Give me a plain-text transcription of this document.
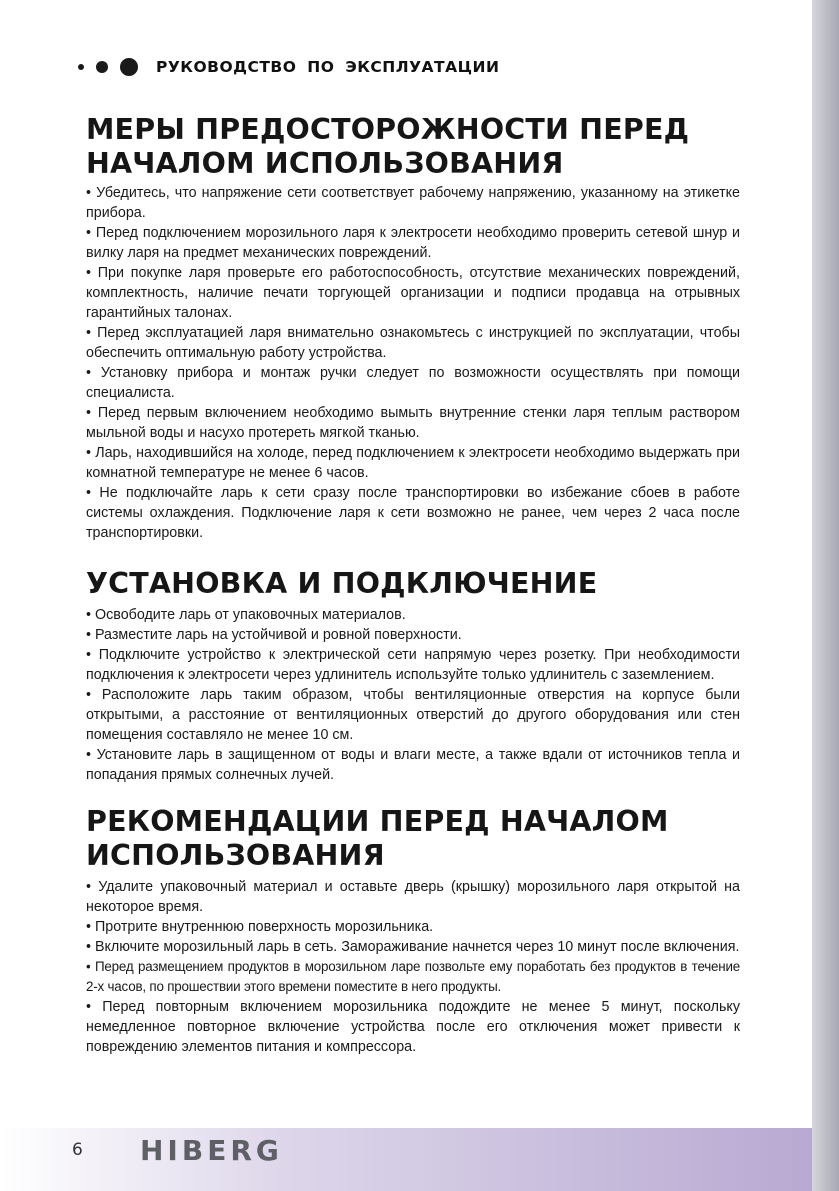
РУКОВОДСТВО ПО ЭКСПЛУАТАЦИИ
МЕРЫ ПРЕДОСТОРОЖНОСТИ ПЕРЕД
НАЧАЛОМ ИСПОЛЬЗОВАНИЯ
• Убедитесь, что напряжение сети соответствует рабочему напряжению, указанному на этикетке прибора.
• Перед подключением морозильного ларя к электросети необходимо проверить сетевой шнур и вилку ларя на предмет механических повреждений.
• При покупке ларя проверьте его работоспособность, отсутствие механических повреждений, комплектность, наличие печати торгующей организации и подписи продавца на отрывных гарантийных талонах.
• Перед эксплуатацией ларя внимательно ознакомьтесь с инструкцией по эксплуатации, чтобы обеспечить оптимальную работу устройства.
• Установку прибора и монтаж ручки следует по возможности осуществлять при помощи специалиста.
• Перед первым включением необходимо вымыть внутренние стенки ларя теплым раствором мыльной воды и насухо протереть мягкой тканью.
• Ларь, находившийся на холоде, перед подключением к электросети необходимо выдержать при комнатной температуре не менее 6 часов.
• Не подключайте ларь к сети сразу после транспортировки во избежание сбоев в работе системы охлаждения. Подключение ларя к сети возможно не ранее, чем через 2 часа после транспортировки.
УСТАНОВКА И ПОДКЛЮЧЕНИЕ
• Освободите ларь от упаковочных материалов.
• Разместите ларь на устойчивой и ровной поверхности.
• Подключите устройство к электрической сети напрямую через розетку. При необходимости подключения к электросети через удлинитель используйте только удлинитель с заземлением.
• Расположите ларь таким образом, чтобы вентиляционные отверстия на корпусе были открытыми, а расстояние от вентиляционных отверстий до другого оборудования или стен помещения составляло не менее 10 см.
• Установите ларь в защищенном от воды и влаги месте, а также вдали от источников тепла и попадания прямых солнечных лучей.
РЕКОМЕНДАЦИИ ПЕРЕД НАЧАЛОМ
ИСПОЛЬЗОВАНИЯ
• Удалите упаковочный материал и оставьте дверь (крышку) морозильного ларя открытой на некоторое время.
• Протрите внутреннюю поверхность морозильника.
• Включите морозильный ларь в сеть. Замораживание начнется через 10 минут после включения.
• Перед размещением продуктов в морозильном ларе позвольте ему поработать без продуктов в течение 2-х часов, по прошествии этого времени поместите в него продукты.
• Перед повторным включением морозильника подождите не менее 5 минут, поскольку немедленное повторное включение устройства после его отключения может привести к повреждению элементов питания и компрессора.
6 HIBERG
